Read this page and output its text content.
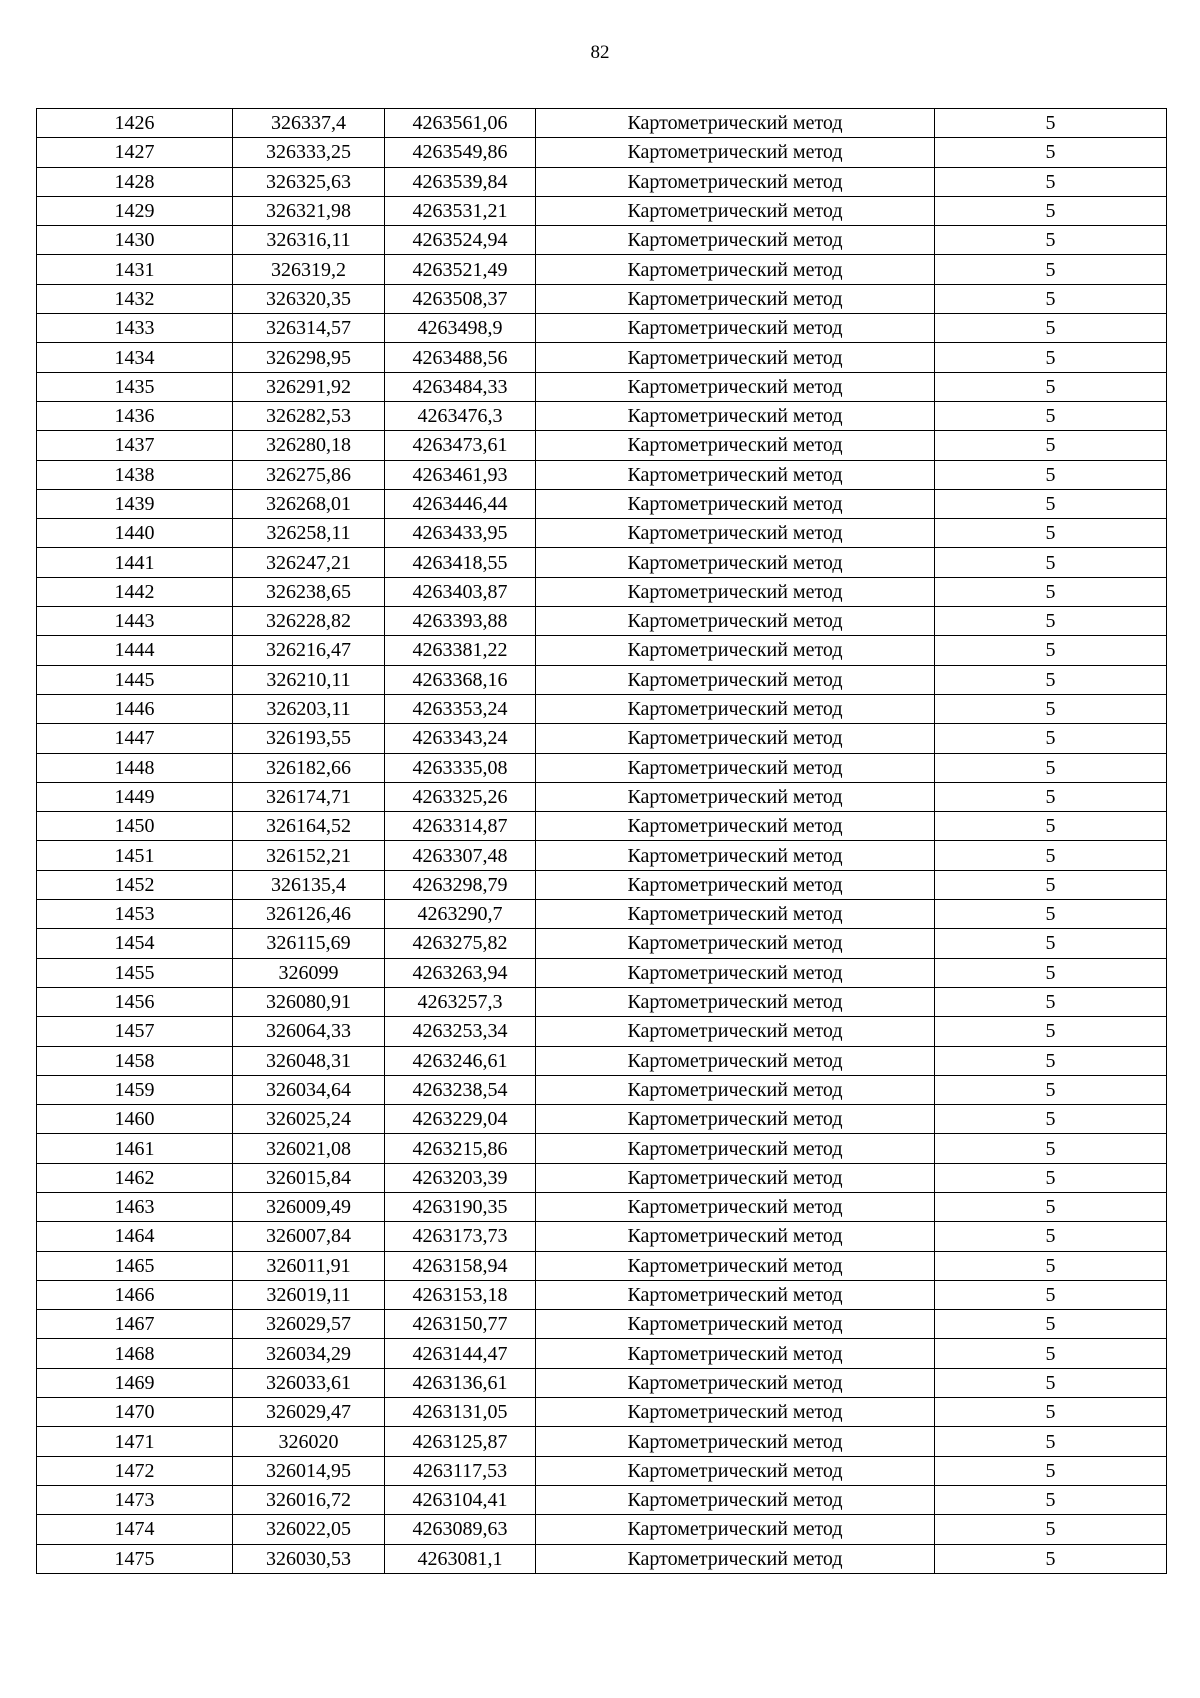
82
1426	326337,4	4263561,06	Картометрический метод	5
1427	326333,25	4263549,86	Картометрический метод	5
1428	326325,63	4263539,84	Картометрический метод	5
1429	326321,98	4263531,21	Картометрический метод	5
1430	326316,11	4263524,94	Картометрический метод	5
1431	326319,2	4263521,49	Картометрический метод	5
1432	326320,35	4263508,37	Картометрический метод	5
1433	326314,57	4263498,9	Картометрический метод	5
1434	326298,95	4263488,56	Картометрический метод	5
1435	326291,92	4263484,33	Картометрический метод	5
1436	326282,53	4263476,3	Картометрический метод	5
1437	326280,18	4263473,61	Картометрический метод	5
1438	326275,86	4263461,93	Картометрический метод	5
1439	326268,01	4263446,44	Картометрический метод	5
1440	326258,11	4263433,95	Картометрический метод	5
1441	326247,21	4263418,55	Картометрический метод	5
1442	326238,65	4263403,87	Картометрический метод	5
1443	326228,82	4263393,88	Картометрический метод	5
1444	326216,47	4263381,22	Картометрический метод	5
1445	326210,11	4263368,16	Картометрический метод	5
1446	326203,11	4263353,24	Картометрический метод	5
1447	326193,55	4263343,24	Картометрический метод	5
1448	326182,66	4263335,08	Картометрический метод	5
1449	326174,71	4263325,26	Картометрический метод	5
1450	326164,52	4263314,87	Картометрический метод	5
1451	326152,21	4263307,48	Картометрический метод	5
1452	326135,4	4263298,79	Картометрический метод	5
1453	326126,46	4263290,7	Картометрический метод	5
1454	326115,69	4263275,82	Картометрический метод	5
1455	326099	4263263,94	Картометрический метод	5
1456	326080,91	4263257,3	Картометрический метод	5
1457	326064,33	4263253,34	Картометрический метод	5
1458	326048,31	4263246,61	Картометрический метод	5
1459	326034,64	4263238,54	Картометрический метод	5
1460	326025,24	4263229,04	Картометрический метод	5
1461	326021,08	4263215,86	Картометрический метод	5
1462	326015,84	4263203,39	Картометрический метод	5
1463	326009,49	4263190,35	Картометрический метод	5
1464	326007,84	4263173,73	Картометрический метод	5
1465	326011,91	4263158,94	Картометрический метод	5
1466	326019,11	4263153,18	Картометрический метод	5
1467	326029,57	4263150,77	Картометрический метод	5
1468	326034,29	4263144,47	Картометрический метод	5
1469	326033,61	4263136,61	Картометрический метод	5
1470	326029,47	4263131,05	Картометрический метод	5
1471	326020	4263125,87	Картометрический метод	5
1472	326014,95	4263117,53	Картометрический метод	5
1473	326016,72	4263104,41	Картометрический метод	5
1474	326022,05	4263089,63	Картометрический метод	5
1475	326030,53	4263081,1	Картометрический метод	5
